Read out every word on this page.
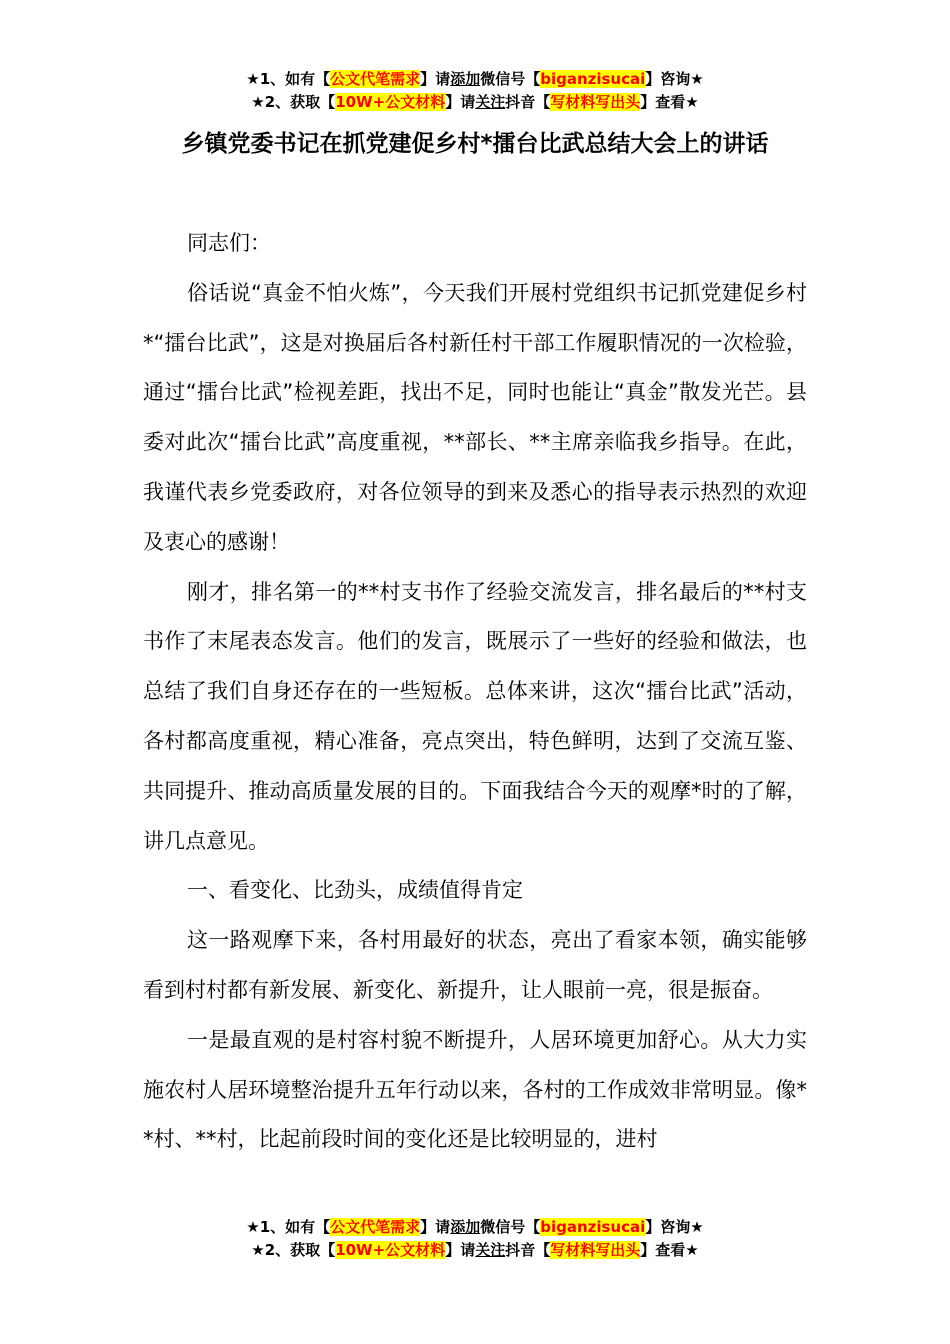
★1、如有【公文代笔需求】请添加微信号【biganzisucai】咨询★
★2、获取【10W+公文材料】请关注抖音【写材料写出头】查看★
乡镇党委书记在抓党建促乡村*擂台比武总结大会上的讲话

同志们：

俗话说“真金不怕火炼”，今天我们开展村党组织书记抓党建促乡村*“擂台比武”，这是对换届后各村新任村干部工作履职情况的一次检验，通过“擂台比武”检视差距，找出不足，同时也能让“真金”散发光芒。县委对此次“擂台比武”高度重视，**部长、**主席亲临我乡指导。在此，我谨代表乡党委政府，对各位领导的到来及悉心的指导表示热烈的欢迎及衷心的感谢！

刚才，排名第一的**村支书作了经验交流发言，排名最后的**村支书作了末尾表态发言。他们的发言，既展示了一些好的经验和做法，也总结了我们自身还存在的一些短板。总体来讲，这次“擂台比武”活动，各村都高度重视，精心准备，亮点突出，特色鲜明，达到了交流互鉴、共同提升、推动高质量发展的目的。下面我结合今天的观摩*时的了解，讲几点意见。

一、看变化、比劲头，成绩值得肯定

这一路观摩下来，各村用最好的状态，亮出了看家本领，确实能够看到村村都有新发展、新变化、新提升，让人眼前一亮，很是振奋。

一是最直观的是村容村貌不断提升，人居环境更加舒心。从大力实施农村人居环境整治提升五年行动以来，各村的工作成效非常明显。像**村、**村，比起前段时间的变化还是比较明显的，进村

★1、如有【公文代笔需求】请添加微信号【biganzisucai】咨询★
★2、获取【10W+公文材料】请关注抖音【写材料写出头】查看★
